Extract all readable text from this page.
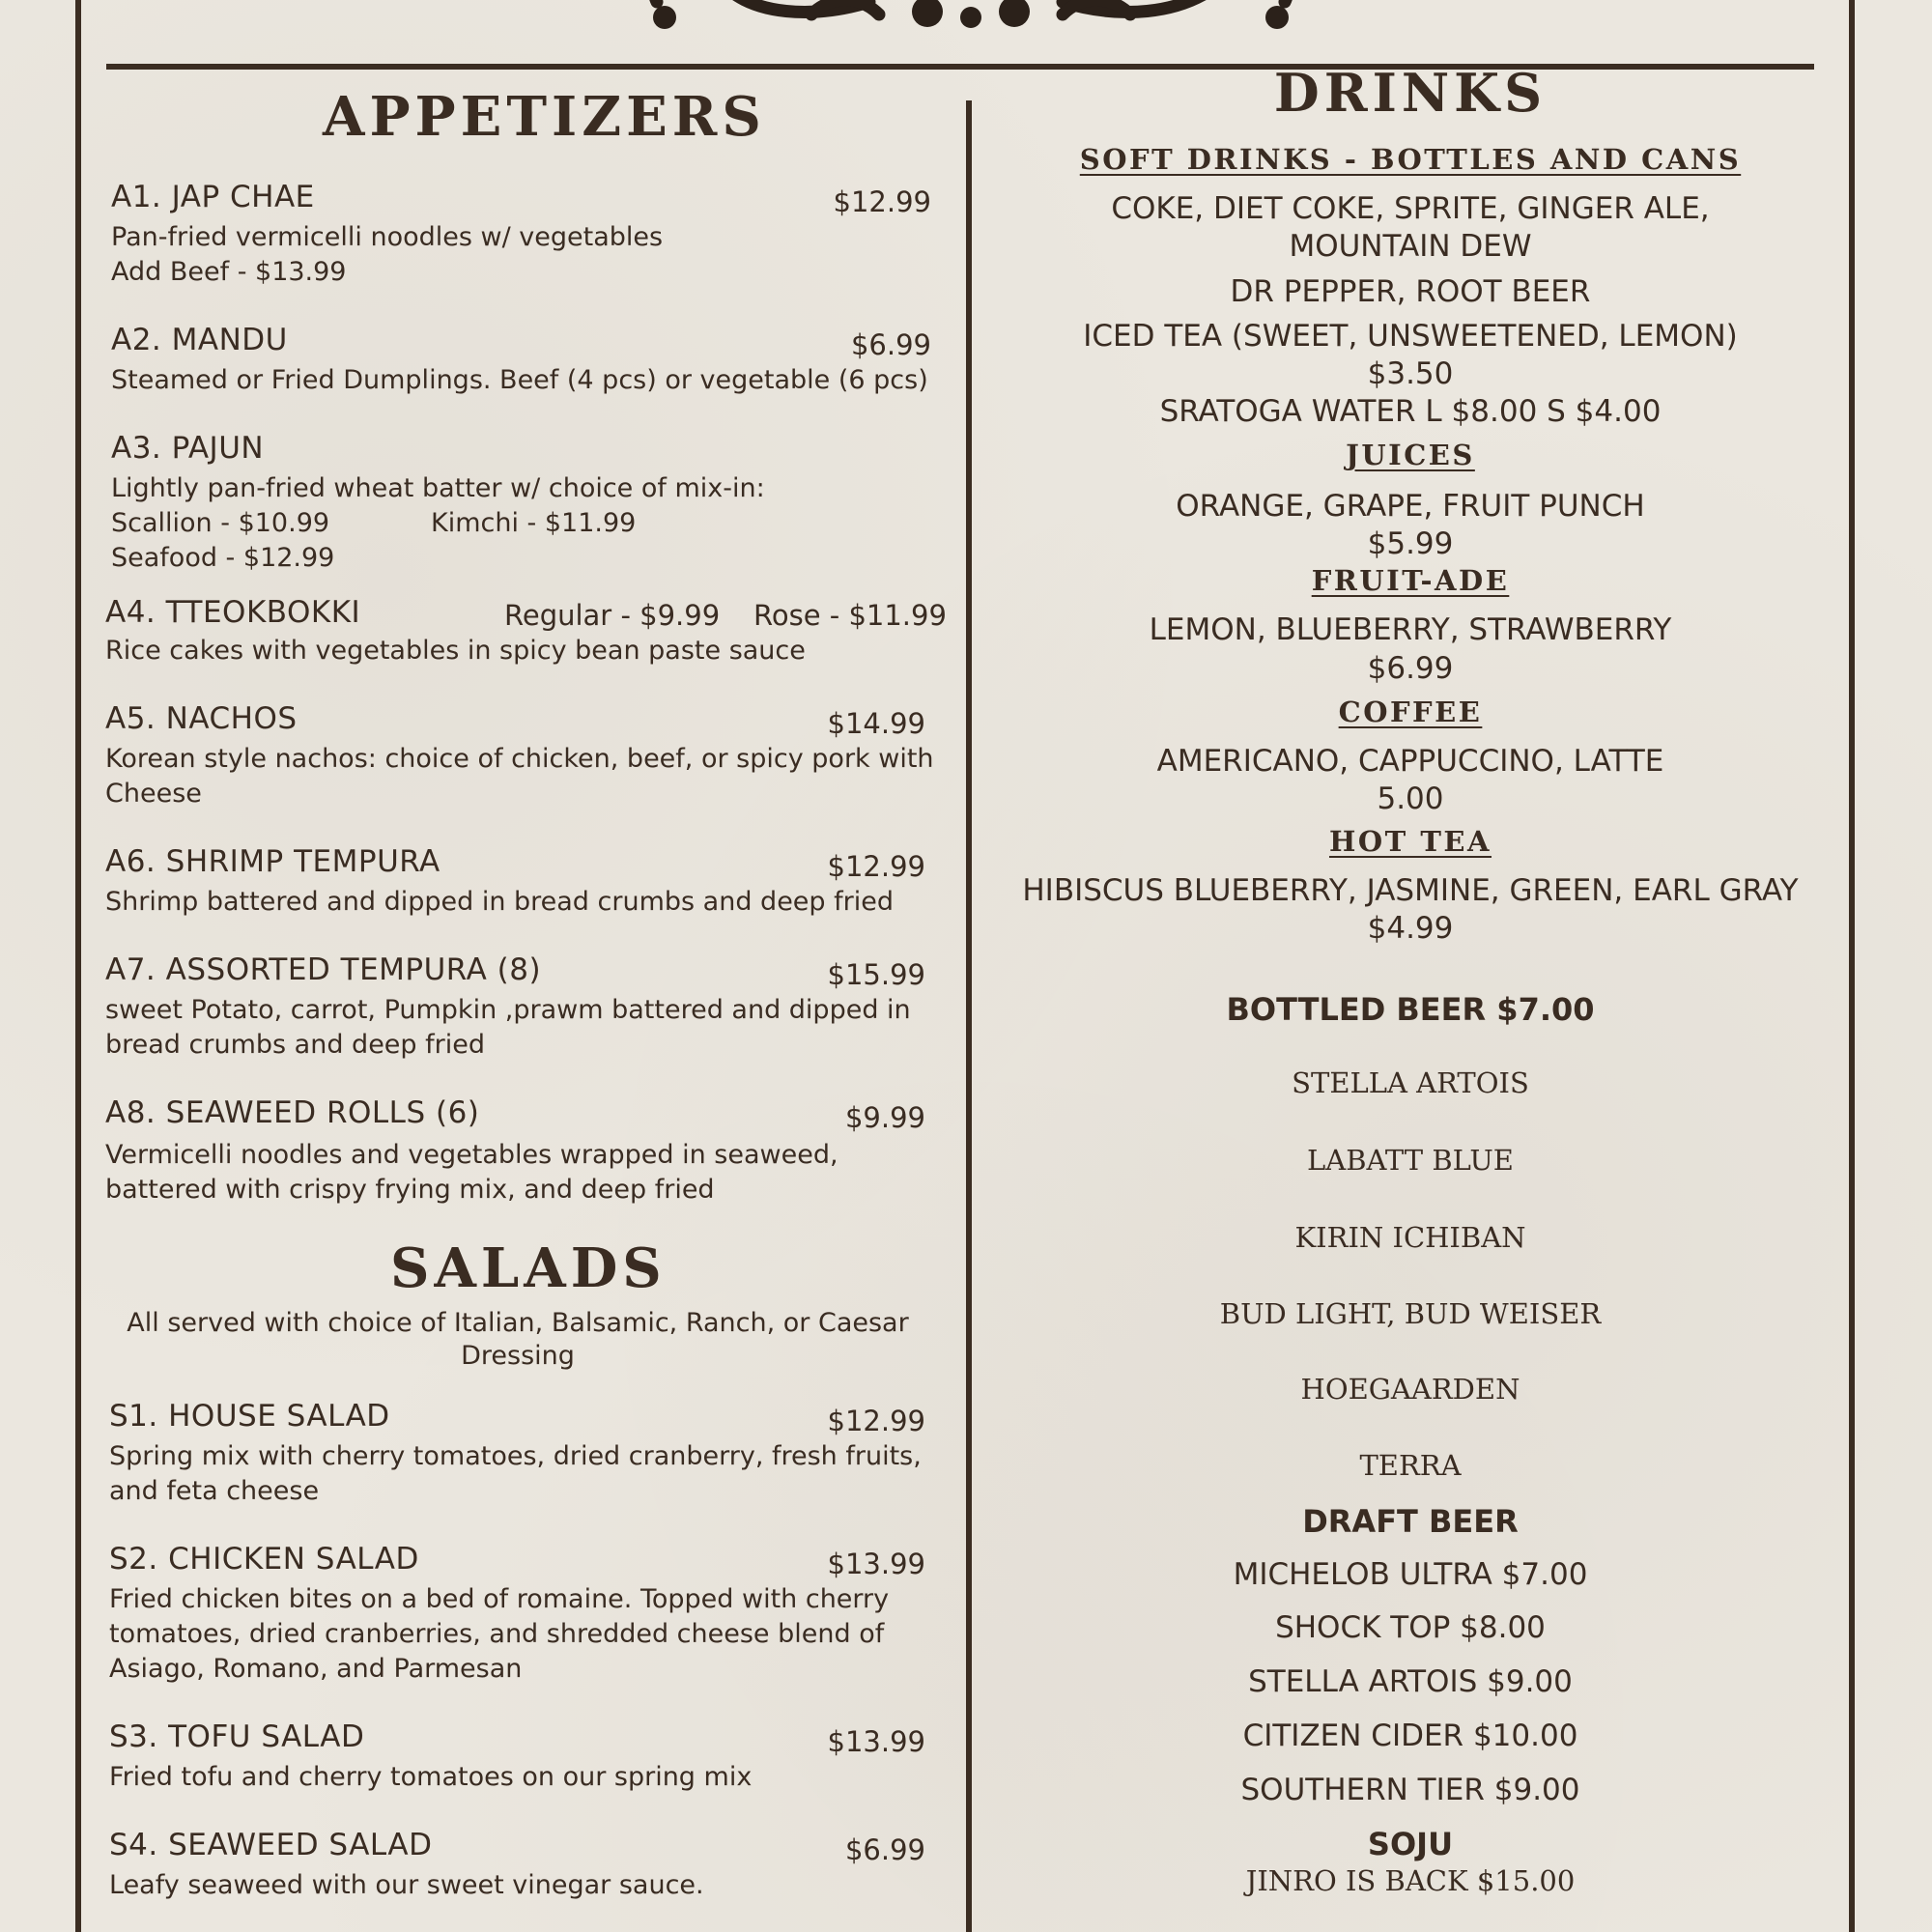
APPETIZERS
A1. JAP CHAE	$12.99
Pan-fried vermicelli noodles w/ vegetables
Add Beef - $13.99
A2. MANDU	$6.99
Steamed or Fried Dumplings. Beef (4 pcs) or vegetable (6 pcs)
A3. PAJUN
Lightly pan-fried wheat batter w/ choice of mix-in:
Scallion - $10.99	Kimchi - $11.99
Seafood - $12.99
A4. TTEOKBOKKI	Regular - $9.99 Rose - $11.99
Rice cakes with vegetables in spicy bean paste sauce
A5. NACHOS	$14.99
Korean style nachos: choice of chicken, beef, or spicy pork with
Cheese
A6. SHRIMP TEMPURA	$12.99
Shrimp battered and dipped in bread crumbs and deep fried
A7. ASSORTED TEMPURA (8)	$15.99
sweet Potato, carrot, Pumpkin ,prawm battered and dipped in
bread crumbs and deep fried
A8. SEAWEED ROLLS (6)	$9.99
Vermicelli noodles and vegetables wrapped in seaweed,
battered with crispy frying mix, and deep fried
SALADS
All served with choice of Italian, Balsamic, Ranch, or Caesar
Dressing
S1. HOUSE SALAD	$12.99
Spring mix with cherry tomatoes, dried cranberry, fresh fruits,
and feta cheese
S2. CHICKEN SALAD	$13.99
Fried chicken bites on a bed of romaine. Topped with cherry
tomatoes, dried cranberries, and shredded cheese blend of
Asiago, Romano, and Parmesan
S3. TOFU SALAD	$13.99
Fried tofu and cherry tomatoes on our spring mix
S4. SEAWEED SALAD	$6.99
Leafy seaweed with our sweet vinegar sauce.
DRINKS
SOFT DRINKS - BOTTLES AND CANS
COKE, DIET COKE, SPRITE, GINGER ALE,
MOUNTAIN DEW
DR PEPPER, ROOT BEER
ICED TEA (SWEET, UNSWEETENED, LEMON)
$3.50
SRATOGA WATER L $8.00 S $4.00
JUICES
ORANGE, GRAPE, FRUIT PUNCH
$5.99
FRUIT-ADE
LEMON, BLUEBERRY, STRAWBERRY
$6.99
COFFEE
AMERICANO, CAPPUCCINO, LATTE
5.00
HOT TEA
HIBISCUS BLUEBERRY, JASMINE, GREEN, EARL GRAY
$4.99
BOTTLED BEER $7.00
STELLA ARTOIS
LABATT BLUE
KIRIN ICHIBAN
BUD LIGHT, BUD WEISER
HOEGAARDEN
TERRA
DRAFT BEER
MICHELOB ULTRA $7.00
SHOCK TOP $8.00
STELLA ARTOIS $9.00
CITIZEN CIDER $10.00
SOUTHERN TIER $9.00
SOJU
JINRO IS BACK $15.00
